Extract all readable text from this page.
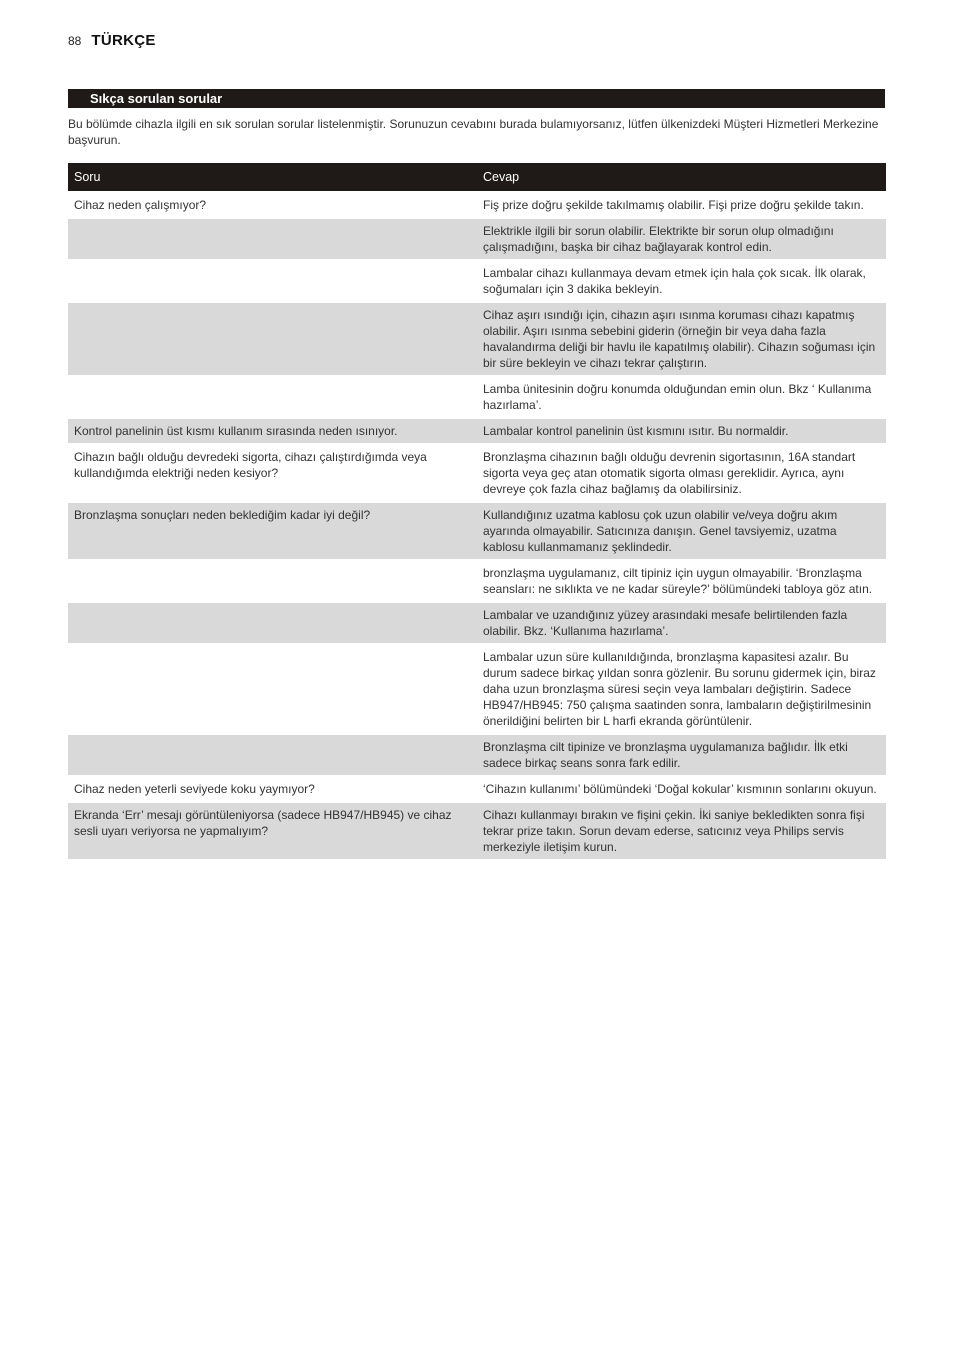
88 TÜRKÇE
Sıkça sorulan sorular
Bu bölümde cihazla ilgili en sık sorulan sorular listelenmiştir. Sorunuzun cevabını burada bulamıyorsanız, lütfen ülkenizdeki Müşteri Hizmetleri Merkezine başvurun.
Soru	Cevap
Cihaz neden çalışmıyor?	Fiş prize doğru şekilde takılmamış olabilir. Fişi prize doğru şekilde takın.
	Elektrikle ilgili bir sorun olabilir. Elektrikte bir sorun olup olmadığını çalışmadığını, başka bir cihaz bağlayarak kontrol edin.
	Lambalar cihazı kullanmaya devam etmek için hala çok sıcak. İlk olarak, soğumaları için 3 dakika bekleyin.
	Cihaz aşırı ısındığı için, cihazın aşırı ısınma koruması cihazı kapatmış olabilir. Aşırı ısınma sebebini giderin (örneğin bir veya daha fazla havalandırma deliği bir havlu ile kapatılmış olabilir). Cihazın soğuması için bir süre bekleyin ve cihazı tekrar çalıştırın.
	Lamba ünitesinin doğru konumda olduğundan emin olun. Bkz ‘ Kullanıma hazırlama’.
Kontrol panelinin üst kısmı kullanım sırasında neden ısınıyor.	Lambalar kontrol panelinin üst kısmını ısıtır. Bu normaldir.
Cihazın bağlı olduğu devredeki sigorta, cihazı çalıştırdığımda veya kullandığımda elektriği neden kesiyor?	Bronzlaşma cihazının bağlı olduğu devrenin sigortasının, 16A standart sigorta veya geç atan otomatik sigorta olması gereklidir. Ayrıca, aynı devreye çok fazla cihaz bağlamış da olabilirsiniz.
Bronzlaşma sonuçları neden beklediğim kadar iyi değil?	Kullandığınız uzatma kablosu çok uzun olabilir ve/veya doğru akım ayarında olmayabilir. Satıcınıza danışın. Genel tavsiyemiz, uzatma kablosu kullanmamanız şeklindedir.
	bronzlaşma uygulamanız, cilt tipiniz için uygun olmayabilir. ‘Bronzlaşma seansları: ne sıklıkta ve ne kadar süreyle?’ bölümündeki tabloya göz atın.
	Lambalar ve uzandığınız yüzey arasındaki mesafe belirtilenden fazla olabilir. Bkz. ‘Kullanıma hazırlama’.
	Lambalar uzun süre kullanıldığında, bronzlaşma kapasitesi azalır. Bu durum sadece birkaç yıldan sonra gözlenir. Bu sorunu gidermek için, biraz daha uzun bronzlaşma süresi seçin veya lambaları değiştirin. Sadece HB947/HB945: 750 çalışma saatinden sonra, lambaların değiştirilmesinin önerildiğini belirten bir L harfi ekranda görüntülenir.
	Bronzlaşma cilt tipinize ve bronzlaşma uygulamanıza bağlıdır. İlk etki sadece birkaç seans sonra fark edilir.
Cihaz neden yeterli seviyede koku yaymıyor?	‘Cihazın kullanımı’ bölümündeki ‘Doğal kokular’ kısmının sonlarını okuyun.
Ekranda ‘Err’ mesajı görüntüleniyorsa (sadece HB947/HB945) ve cihaz sesli uyarı veriyorsa ne yapmalıyım?	Cihazı kullanmayı bırakın ve fişini çekin. İki saniye bekledikten sonra fişi tekrar prize takın. Sorun devam ederse, satıcınız veya Philips servis merkeziyle iletişim kurun.
